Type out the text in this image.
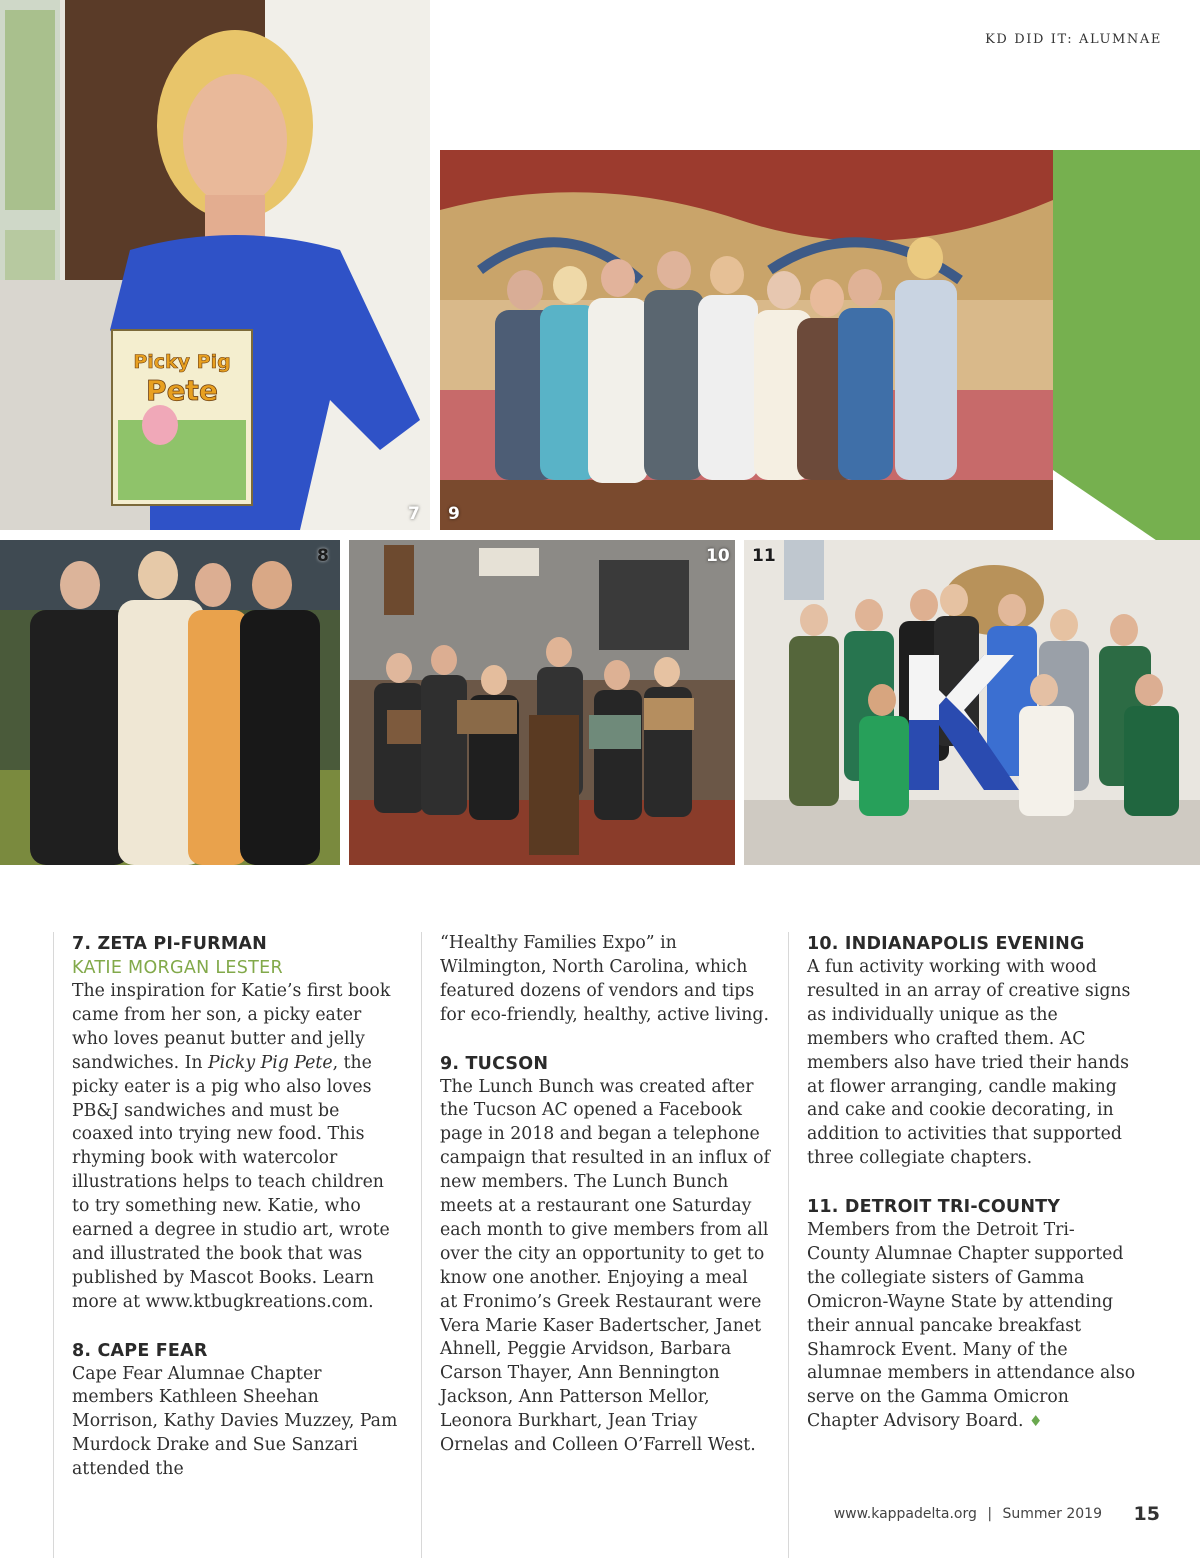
KD DID IT: ALUMNAE
Picky Pig
Pete
7 9
8	10 11
7. ZETA PI-FURMAN
KATIE MORGAN LESTER

The inspiration for Katie’s first book came from her son, a picky eater who loves peanut butter and jelly sandwiches. In Picky Pig Pete, the picky eater is a pig who also loves PB&J sandwiches and must be coaxed into trying new food. This rhyming book with watercolor illustrations helps to teach children to try something new. Katie, who earned a degree in studio art, wrote and illustrated the book that was published by Mascot Books. Learn more at www.ktbugkreations.com.

8. CAPE FEAR

Cape Fear Alumnae Chapter members Kathleen Sheehan Morrison, Kathy Davies Muzzey, Pam Murdock Drake and Sue Sanzari attended the

“Healthy Families Expo” in Wilmington, North Carolina, which featured dozens of vendors and tips for eco-friendly, healthy, active living.

9. TUCSON

The Lunch Bunch was created after the Tucson AC opened a Facebook page in 2018 and began a telephone campaign that resulted in an influx of new members. The Lunch Bunch meets at a restaurant one Saturday each month to give members from all over the city an opportunity to get to know one another. Enjoying a meal at Fronimo’s Greek Restaurant were Vera Marie Kaser Badertscher, Janet Ahnell, Peggie Arvidson, Barbara Carson Thayer, Ann Bennington Jackson, Ann Patterson Mellor, Leonora Burkhart, Jean Triay Ornelas and Colleen O’Farrell West.

10. INDIANAPOLIS EVENING

A fun activity working with wood resulted in an array of creative signs as individually unique as the members who crafted them. AC members also have tried their hands at flower arranging, candle making and cake and cookie decorating, in addition to activities that supported three collegiate chapters.

11. DETROIT TRI-COUNTY

Members from the Detroit Tri-County Alumnae Chapter supported the collegiate sisters of Gamma Omicron-Wayne State by attending their annual pancake breakfast Shamrock Event. Many of the alumnae members in attendance also serve on the Gamma Omicron Chapter Advisory Board. ♦

www.kappadelta.org | Summer 2019 15
